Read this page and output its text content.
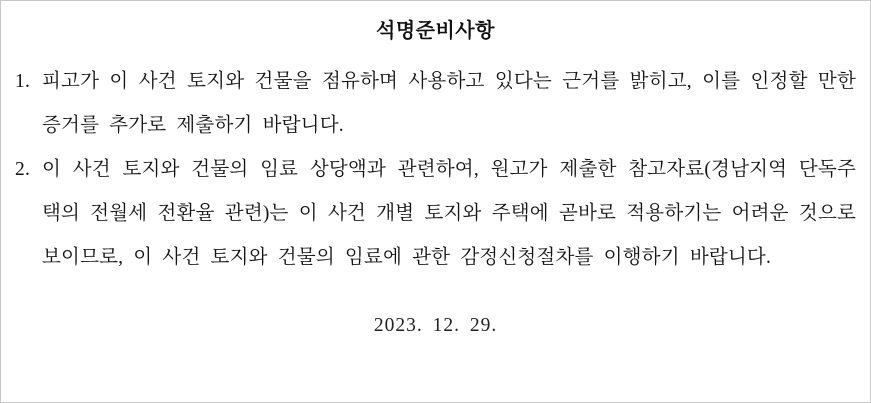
석명준비사항
1. 피고가 이 사건 토지와 건물을 점유하며 사용하고 있다는 근거를 밝히고, 이를 인정할 만한 증거를 추가로 제출하기 바랍니다.
2. 이 사건 토지와 건물의 임료 상당액과 관련하여, 원고가 제출한 참고자료(경남지역 단독주택의 전월세 전환율 관련)는 이 사건 개별 토지와 주택에 곧바로 적용하기는 어려운 것으로 보이므로, 이 사건 토지와 건물의 임료에 관한 감정신청절차를 이행하기 바랍니다.
2023. 12. 29.
